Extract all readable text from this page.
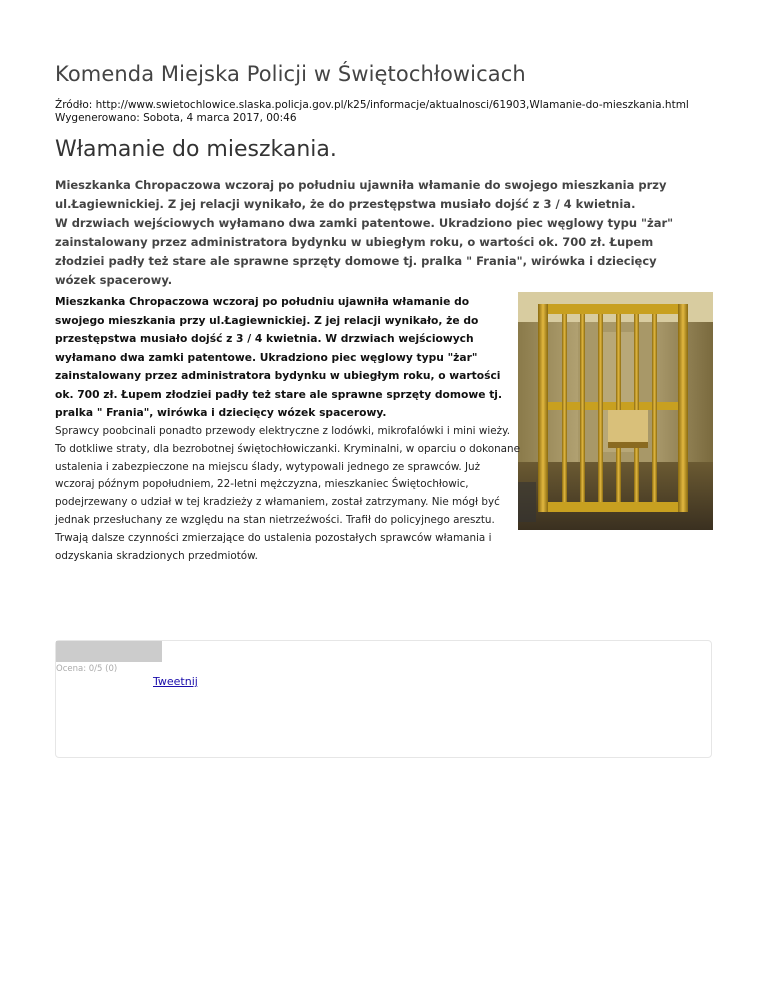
Komenda Miejska Policji w Świętochłowicach
Źródło: http://www.swietochlowice.slaska.policja.gov.pl/k25/informacje/aktualnosci/61903,Wlamanie-do-mieszkania.html
Wygenerowano: Sobota, 4 marca 2017, 00:46
Włamanie do mieszkania.

Mieszkanka Chropaczowa wczoraj po południu ujawniła włamanie do swojego mieszkania przy ul.Łagiewnickiej. Z jej relacji wynikało, że do przestępstwa musiało dojść z 3 / 4 kwietnia.

W drzwiach wejściowych wyłamano dwa zamki patentowe. Ukradziono piec węglowy typu "żar" zainstalowany przez administratora bydynku w ubiegłym roku, o wartości ok. 700 zł. Łupem złodziei padły też stare ale sprawne sprzęty domowe tj. pralka " Frania", wirówka i dziecięcy wózek spacerowy.

Mieszkanka Chropaczowa wczoraj po południu ujawniła włamanie do swojego mieszkania przy ul.Łagiewnickiej. Z jej relacji wynikało, że do przestępstwa musiało dojść z 3 / 4 kwietnia. W drzwiach wejściowych wyłamano dwa zamki patentowe. Ukradziono piec węglowy typu "żar" zainstalowany przez administratora bydynku w ubiegłym roku, o wartości ok. 700 zł. Łupem złodziei padły też stare ale sprawne sprzęty domowe tj. pralka " Frania", wirówka i dziecięcy wózek spacerowy.

Sprawcy poobcinali ponadto przewody elektryczne z lodówki, mikrofalówki i mini wieży. To dotkliwe straty, dla bezrobotnej świętochłowiczanki. Kryminalni, w oparciu o dokonane ustalenia i zabezpieczone na miejscu ślady, wytypowali jednego ze sprawców. Już wczoraj późnym popołudniem, 22-letni mężczyzna, mieszkaniec Świętochłowic, podejrzewany o udział w tej kradzieży z włamaniem, został zatrzymany. Nie mógł być jednak przesłuchany ze względu na stan nietrzeźwości. Trafił do policyjnego aresztu. Trwają dalsze czynności zmierzające do ustalenia pozostałych sprawców włamania i odzyskania skradzionych przedmiotów.

Ocena: 0/5 (0)
Tweetnij
